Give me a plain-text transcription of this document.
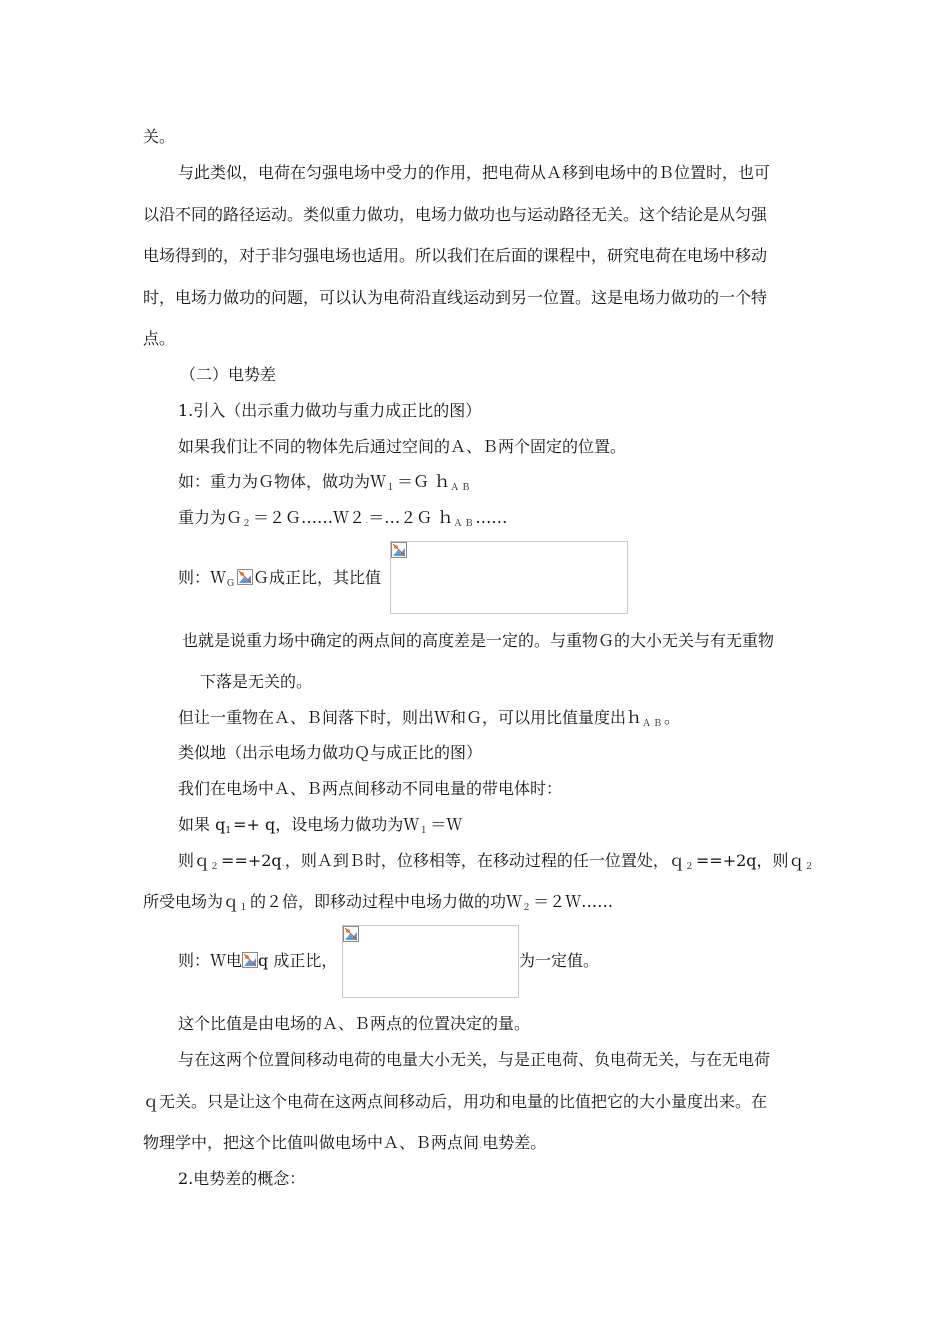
关。
与此类似，电荷在匀强电场中受力的作用，把电荷从Ａ移到电场中的Ｂ位置时，也可
以沿不同的路径运动。类似重力做功，电场力做功也与运动路径无关。这个结论是从匀强
电场得到的，对于非匀强电场也适用。所以我们在后面的课程中，研究电荷在电场中移动
时，电场力做功的问题，可以认为电荷沿直线运动到另一位置。这是电场力做功的一个特
点。
（二）电势差
1.引入（出示重力做功与重力成正比的图）
如果我们让不同的物体先后通过空间的Ａ、Ｂ两个固定的位置。
如：重力为Ｇ物体，做功为Ｗ１＝Ｇ ｈＡＢ
重力为Ｇ２＝２Ｇ……Ｗ２.＝…２Ｇ ｈＡＢ……
则：ＷＧ Ｇ成正比，其比值
也就是说重力场中确定的两点间的高度差是一定的。与重物Ｇ的大小无关与有无重物
下落是无关的。
但让一重物在Ａ、Ｂ间落下时，则出Ｗ和Ｇ，可以用比值量度出ｈＡＢ。
类似地（出示电场力做功Ｑ与成正比的图）
我们在电场中Ａ、Ｂ两点间移动不同电量的带电体时：
如果 q1=+ q，设电场力做功为Ｗ１＝Ｗ
则ｑ２==+2q.，则Ａ到Ｂ时，位移相等，在移动过程的任一位置处，ｑ２==+2q，则ｑ２
所受电场为ｑ１的２倍，即移动过程中电场力做的功Ｗ２＝２Ｗ……
则：Ｗ电 q 成正比，	为一定值。
这个比值是由电场的Ａ、Ｂ两点的位置决定的量。
与在这两个位置间移动电荷的电量大小无关，与是正电荷、负电荷无关，与在无电荷
ｑ无关。只是让这个电荷在这两点间移动后，用功和电量的比值把它的大小量度出来。在
物理学中，把这个比值叫做电场中Ａ、Ｂ两点间.电势差。
2.电势差的概念：
